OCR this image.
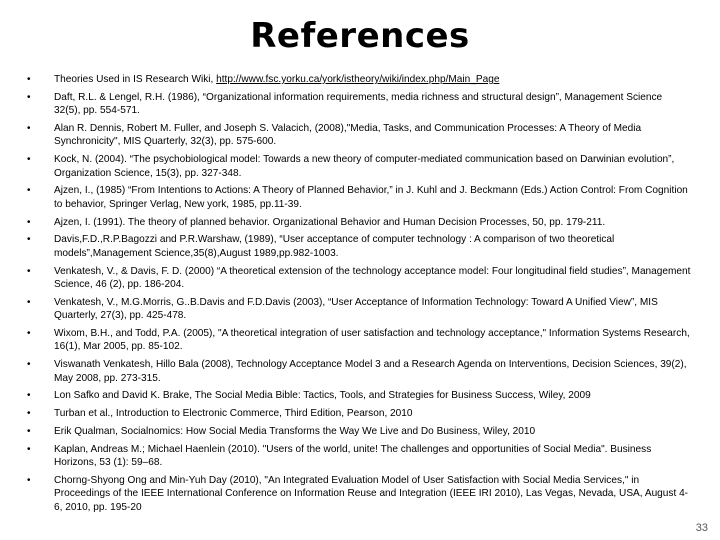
References
• Theories Used in IS Research Wiki, http://www.fsc.yorku.ca/york/istheory/wiki/index.php/Main_Page
• Daft, R.L. & Lengel, R.H. (1986), “Organizational information requirements, media richness and structural design”, Management Science 32(5), pp. 554-571.
• Alan R. Dennis, Robert M. Fuller, and Joseph S. Valacich, (2008),"Media, Tasks, and Communication Processes: A Theory of Media Synchronicity", MIS Quarterly, 32(3), pp. 575-600.
• Kock, N. (2004). “The psychobiological model: Towards a new theory of computer-mediated communication based on Darwinian evolution”, Organization Science, 15(3), pp. 327-348.
• Ajzen, I., (1985) “From Intentions to Actions: A Theory of Planned Behavior,” in J. Kuhl and J. Beckmann (Eds.) Action Control: From Cognition to behavior, Springer Verlag, New york, 1985, pp.11-39.
• Ajzen, I. (1991). The theory of planned behavior. Organizational Behavior and Human Decision Processes, 50, pp. 179-211.
• Davis,F.D.,R.P.Bagozzi and P.R.Warshaw, (1989), “User acceptance of computer technology : A comparison of two theoretical models”,Management Science,35(8),August 1989,pp.982-1003.
• Venkatesh, V., & Davis, F. D. (2000) “A theoretical extension of the technology acceptance model: Four longitudinal field studies”, Management Science, 46 (2), pp. 186-204.
• Venkatesh, V., M.G.Morris, G..B.Davis and F.D.Davis (2003), “User Acceptance of Information Technology: Toward A Unified View”, MIS Quarterly, 27(3), pp. 425-478.
• Wixom, B.H., and Todd, P.A. (2005), "A theoretical integration of user satisfaction and technology acceptance," Information Systems Research, 16(1), Mar 2005, pp. 85-102.
• Viswanath Venkatesh, Hillo Bala (2008), Technology Acceptance Model 3 and a Research Agenda on Interventions, Decision Sciences, 39(2), May 2008, pp. 273-315.
• Lon Safko and David K. Brake, The Social Media Bible: Tactics, Tools, and Strategies for Business Success, Wiley, 2009
• Turban et al., Introduction to Electronic Commerce, Third Edition, Pearson, 2010
• Erik Qualman, Socialnomics: How Social Media Transforms the Way We Live and Do Business, Wiley, 2010
• Kaplan, Andreas M.; Michael Haenlein (2010). "Users of the world, unite! The challenges and opportunities of Social Media". Business Horizons, 53 (1): 59–68.
• Chorng-Shyong Ong and Min-Yuh Day (2010), "An Integrated Evaluation Model of User Satisfaction with Social Media Services," in Proceedings of the IEEE International Conference on Information Reuse and Integration (IEEE IRI 2010), Las Vegas, Nevada, USA, August 4-6, 2010, pp. 195-20
33
